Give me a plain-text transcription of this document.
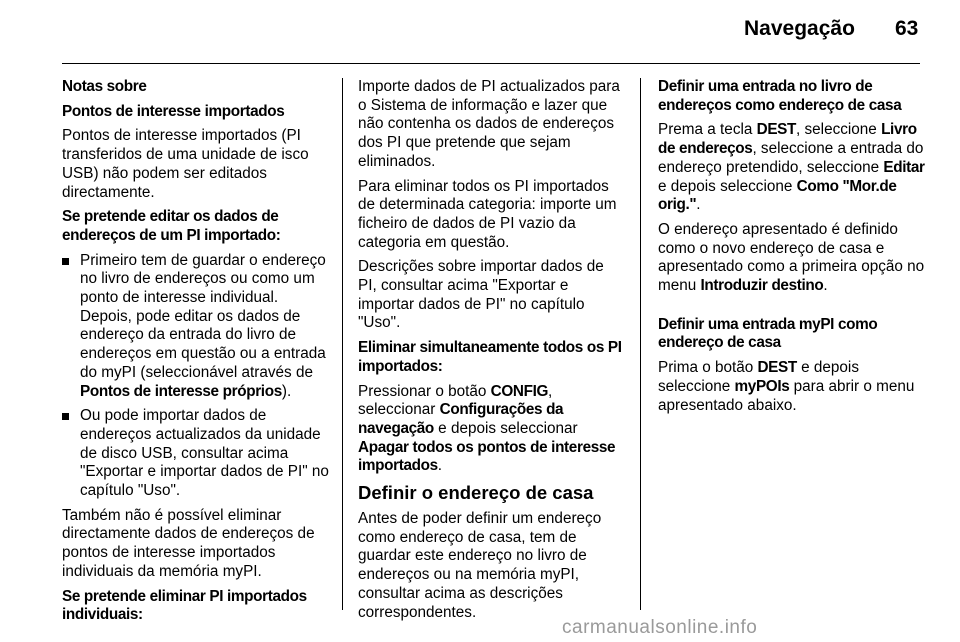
Navegação 63

Notas sobre

Pontos de interesse importados

Pontos de interesse importados (PI transferidos de uma unidade de isco USB) não podem ser editados directamente.

Se pretende editar os dados de endereços de um PI importado:

Primeiro tem de guardar o endereço no livro de endereços ou como um ponto de interesse individual. Depois, pode editar os dados de endereço da entrada do livro de endereços em questão ou a entrada do myPI (seleccionável através de Pontos de interesse próprios).
Ou pode importar dados de endereços actualizados da unidade de disco USB, consultar acima "Exportar e importar dados de PI" no capítulo "Uso".

Também não é possível eliminar directamente dados de endereços de pontos de interesse importados individuais da memória myPI.

Se pretende eliminar PI importados individuais:

Importe dados de PI actualizados para o Sistema de informação e lazer que não contenha os dados de endereços dos PI que pretende que sejam eliminados.

Para eliminar todos os PI importados de determinada categoria: importe um ficheiro de dados de PI vazio da categoria em questão.

Descrições sobre importar dados de PI, consultar acima "Exportar e importar dados de PI" no capítulo "Uso".

Eliminar simultaneamente todos os PI importados:

Pressionar o botão CONFIG, seleccionar Configurações da navegação e depois seleccionar Apagar todos os pontos de interesse importados.

Definir o endereço de casa

Antes de poder definir um endereço como endereço de casa, tem de guardar este endereço no livro de endereços ou na memória myPI, consultar acima as descrições correspondentes.

Definir uma entrada no livro de endereços como endereço de casa

Prema a tecla DEST, seleccione Livro de endereços, seleccione a entrada do endereço pretendido, seleccione Editar e depois seleccione Como "Mor.de orig.".

O endereço apresentado é definido como o novo endereço de casa e apresentado como a primeira opção no menu Introduzir destino.

Definir uma entrada myPI como endereço de casa

Prima o botão DEST e depois seleccione myPOIs para abrir o menu apresentado abaixo.

carmanualsonline.info
